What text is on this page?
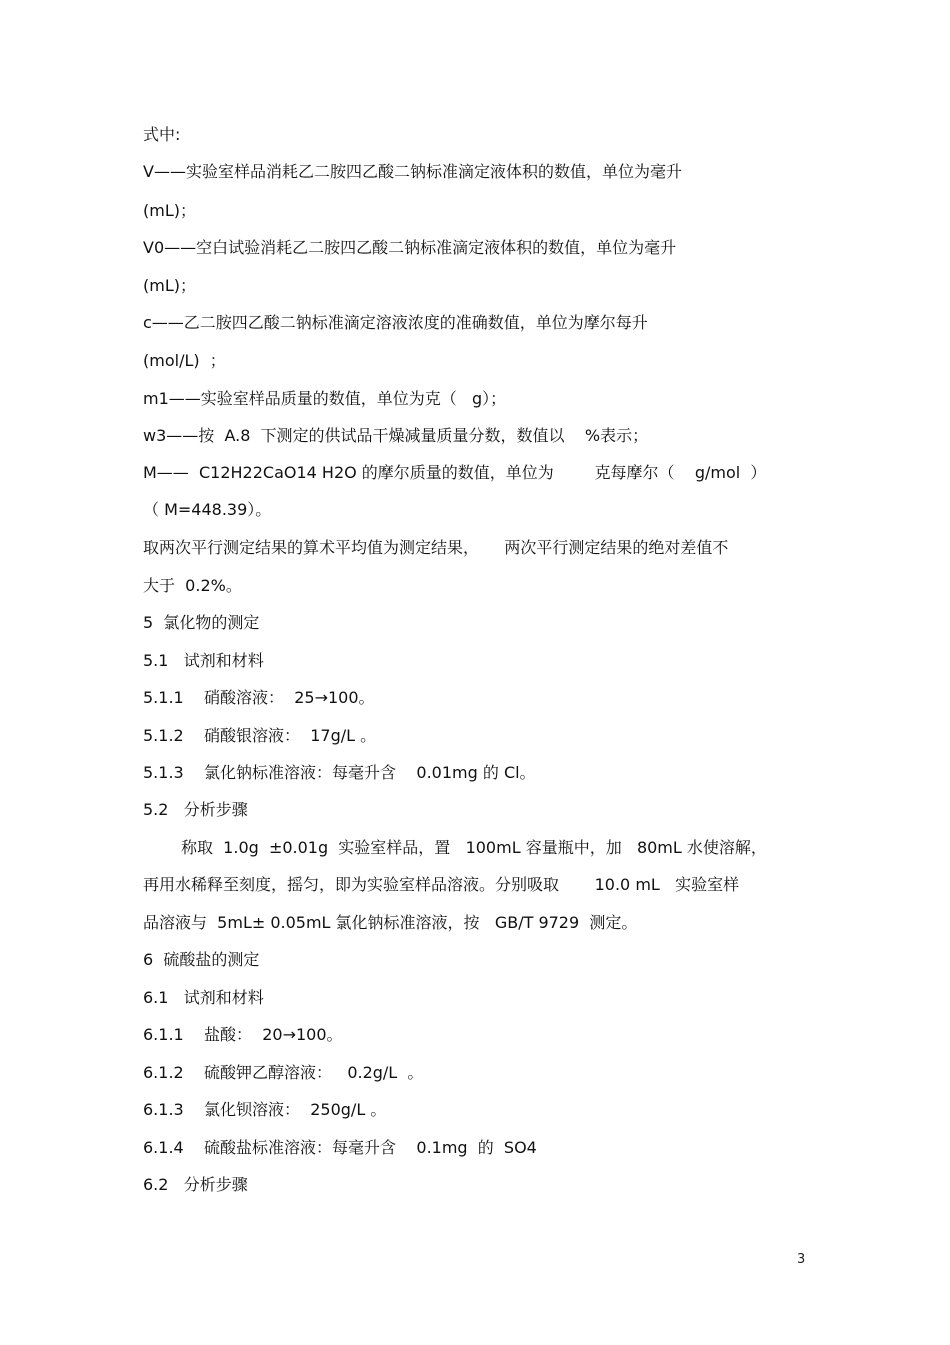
式中:
V——实验室样品消耗乙二胺四乙酸二钠标准滴定液体积的数值，单位为毫升
(mL)；
V0——空白试验消耗乙二胺四乙酸二钠标准滴定液体积的数值，单位为毫升
(mL)；
c——乙二胺四乙酸二钠标准滴定溶液浓度的准确数值，单位为摩尔每升
(mol/L)  ；
m1——实验室样品质量的数值，单位为克（   g）；
w3——按  A.8  下测定的供试品干燥减量质量分数，数值以    %表示；
M——  C12H22CaO14 H2O 的摩尔质量的数值，单位为        克每摩尔（    g/mol  ）
（ M=448.39）。
取两次平行测定结果的算术平均值为测定结果，     两次平行测定结果的绝对差值不
大于  0.2%。
5  氯化物的测定
5.1   试剂和材料
5.1.1    硝酸溶液：  25→100。
5.1.2    硝酸银溶液：  17g/L 。
5.1.3    氯化钠标准溶液：每毫升含    0.01mg 的 Cl。
5.2   分析步骤
称取  1.0g  ±0.01g  实验室样品，置   100mL 容量瓶中，加   80mL 水使溶解，
再用水稀释至刻度，摇匀，即为实验室样品溶液。分别吸取       10.0 mL   实验室样
品溶液与  5mL± 0.05mL 氯化钠标准溶液，按   GB/T 9729  测定。
6  硫酸盐的测定
6.1   试剂和材料
6.1.1    盐酸：  20→100。
6.1.2    硫酸钾乙醇溶液：   0.2g/L  。
6.1.3    氯化钡溶液：  250g/L 。
6.1.4    硫酸盐标准溶液：每毫升含    0.1mg  的  SO4
6.2   分析步骤
3
